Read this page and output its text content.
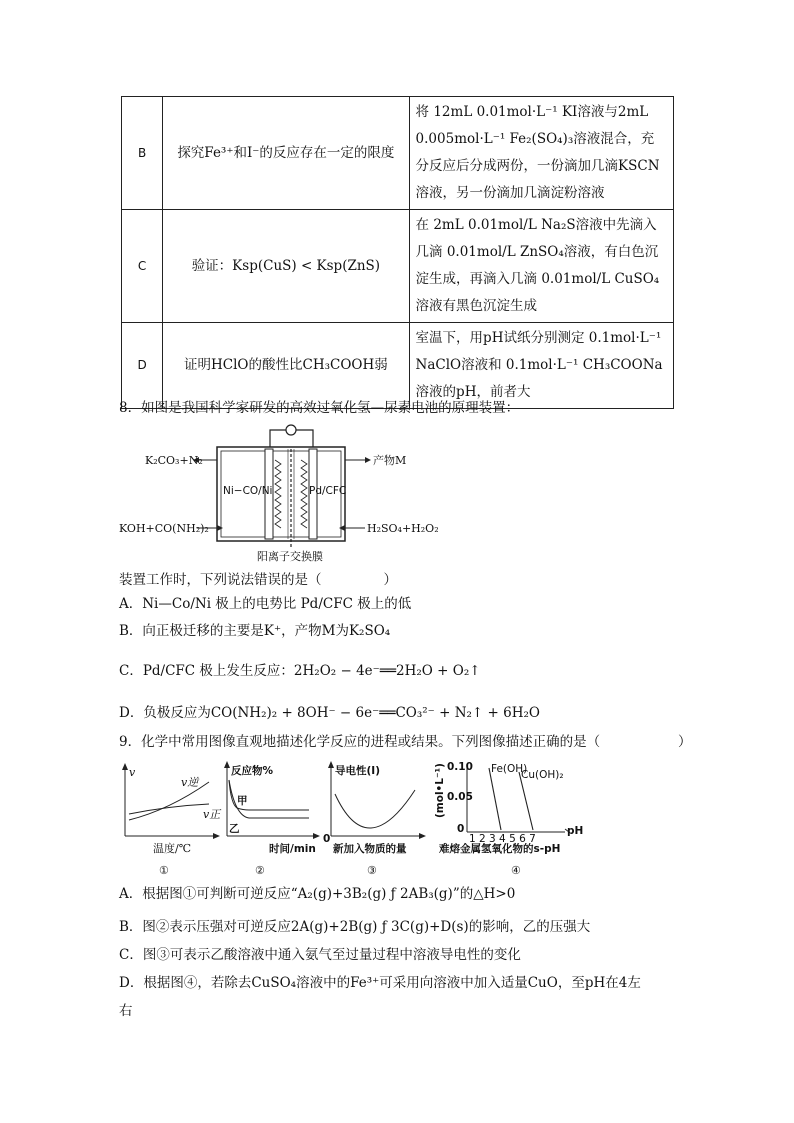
B	探究Fe³⁺和I⁻的反应存在一定的限度	将 12mL 0.01mol·L⁻¹ KI溶液与2mL 0.005mol·L⁻¹ Fe₂(SO₄)₃溶液混合，充分反应后分成两份，一份滴加几滴KSCN溶液，另一份滴加几滴淀粉溶液
C	验证：Ksp(CuS) < Ksp(ZnS)	在 2mL 0.01mol/L Na₂S溶液中先滴入几滴 0.01mol/L ZnSO₄溶液，有白色沉淀生成，再滴入几滴 0.01mol/L CuSO₄溶液有黑色沉淀生成
D	证明HClO的酸性比CH₃COOH弱	室温下，用pH试纸分别测定 0.1mol·L⁻¹ NaClO溶液和 0.1mol·L⁻¹ CH₃COONa溶液的pH，前者大
8．如图是我国科学家研发的高效过氧化氢—尿素电池的原理装置：
K₂CO₃+N₂
KOH+CO(NH₂)₂
产物M
H₂SO₄+H₂O₂
Ni−CO/Ni	Pd/CFC
阳离子交换膜
装置工作时，下列说法错误的是（	）
A．Ni—Co/Ni 极上的电势比 Pd/CFC 极上的低
B．向正极迁移的主要是K⁺，产物M为K₂SO₄
C．Pd/CFC 极上发生反应：2H₂O₂ − 4e⁻══2H₂O + O₂↑
D．负极反应为CO(NH₂)₂ + 8OH⁻ − 6e⁻══CO₃²⁻ + N₂↑ + 6H₂O
9．化学中常用图像直观地描述化学反应的进程或结果。下列图像描述正确的是（	）
v
v逆
v正
温度/℃
①
反应物%
甲
乙
时间/min
②
导电性(I)
0
新加入物质的量
③
(mol•L⁻¹) 0.10
0.05
0
Fe(OH)
Cu(OH)₂
1 2 3 4 5 6 7
pH
难熔金属氢氧化物的s-pH
④
A．根据图①可判断可逆反应“A₂(g)+3B₂(g) ƒ 2AB₃(g)”的△H>0
B．图②表示压强对可逆反应2A(g)+2B(g) ƒ 3C(g)+D(s)的影响，乙的压强大
C．图③可表示乙酸溶液中通入氨气至过量过程中溶液导电性的变化
D．根据图④，若除去CuSO₄溶液中的Fe³⁺可采用向溶液中加入适量CuO，至pH在4左
右
